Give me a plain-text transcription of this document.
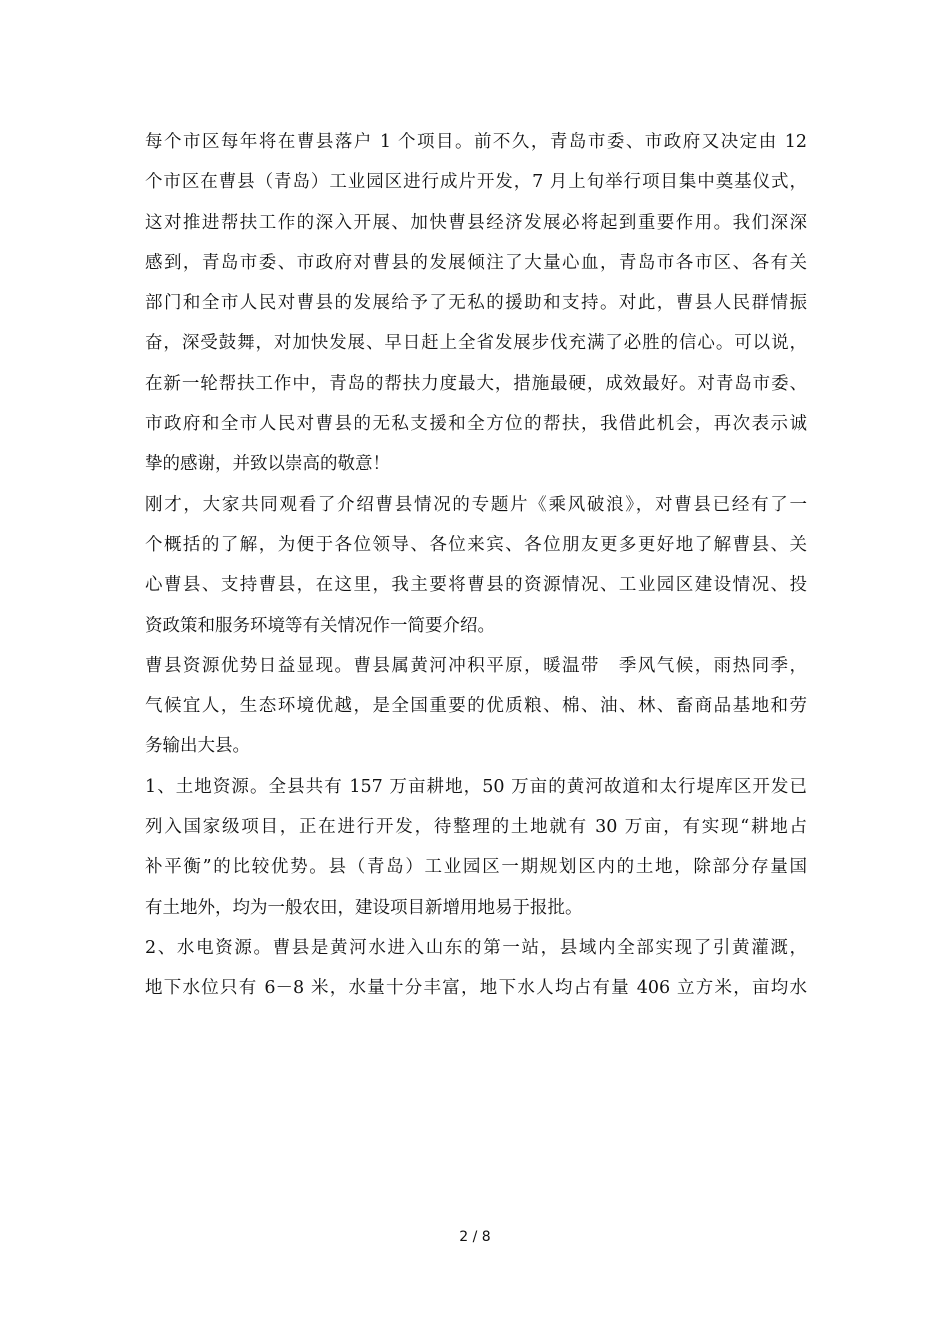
每个市区每年将在曹县落户 1 个项目。前不久，青岛市委、市政府又决定由 12
个市区在曹县（青岛）工业园区进行成片开发，7 月上旬举行项目集中奠基仪式，
这对推进帮扶工作的深入开展、加快曹县经济发展必将起到重要作用。我们深深
感到，青岛市委、市政府对曹县的发展倾注了大量心血，青岛市各市区、各有关
部门和全市人民对曹县的发展给予了无私的援助和支持。对此，曹县人民群情振
奋，深受鼓舞，对加快发展、早日赶上全省发展步伐充满了必胜的信心。可以说，
在新一轮帮扶工作中，青岛的帮扶力度最大，措施最硬，成效最好。对青岛市委、
市政府和全市人民对曹县的无私支援和全方位的帮扶，我借此机会，再次表示诚
挚的感谢，并致以崇高的敬意！

刚才，大家共同观看了介绍曹县情况的专题片《乘风破浪》，对曹县已经有了一
个概括的了解，为便于各位领导、各位来宾、各位朋友更多更好地了解曹县、关
心曹县、支持曹县，在这里，我主要将曹县的资源情况、工业园区建设情况、投
资政策和服务环境等有关情况作一简要介绍。

曹县资源优势日益显现。曹县属黄河冲积平原，暖温带　季风气候，雨热同季，
气候宜人，生态环境优越，是全国重要的优质粮、棉、油、林、畜商品基地和劳
务输出大县。

1、土地资源。全县共有 157 万亩耕地，50 万亩的黄河故道和太行堤库区开发已
列入国家级项目，正在进行开发，待整理的土地就有 30 万亩，有实现“耕地占
补平衡”的比较优势。县（青岛）工业园区一期规划区内的土地，除部分存量国
有土地外，均为一般农田，建设项目新增用地易于报批。

2、水电资源。曹县是黄河水进入山东的第一站，县域内全部实现了引黄灌溉，
地下水位只有 6－8 米，水量十分丰富，地下水人均占有量 406 立方米，亩均水

2 / 8
